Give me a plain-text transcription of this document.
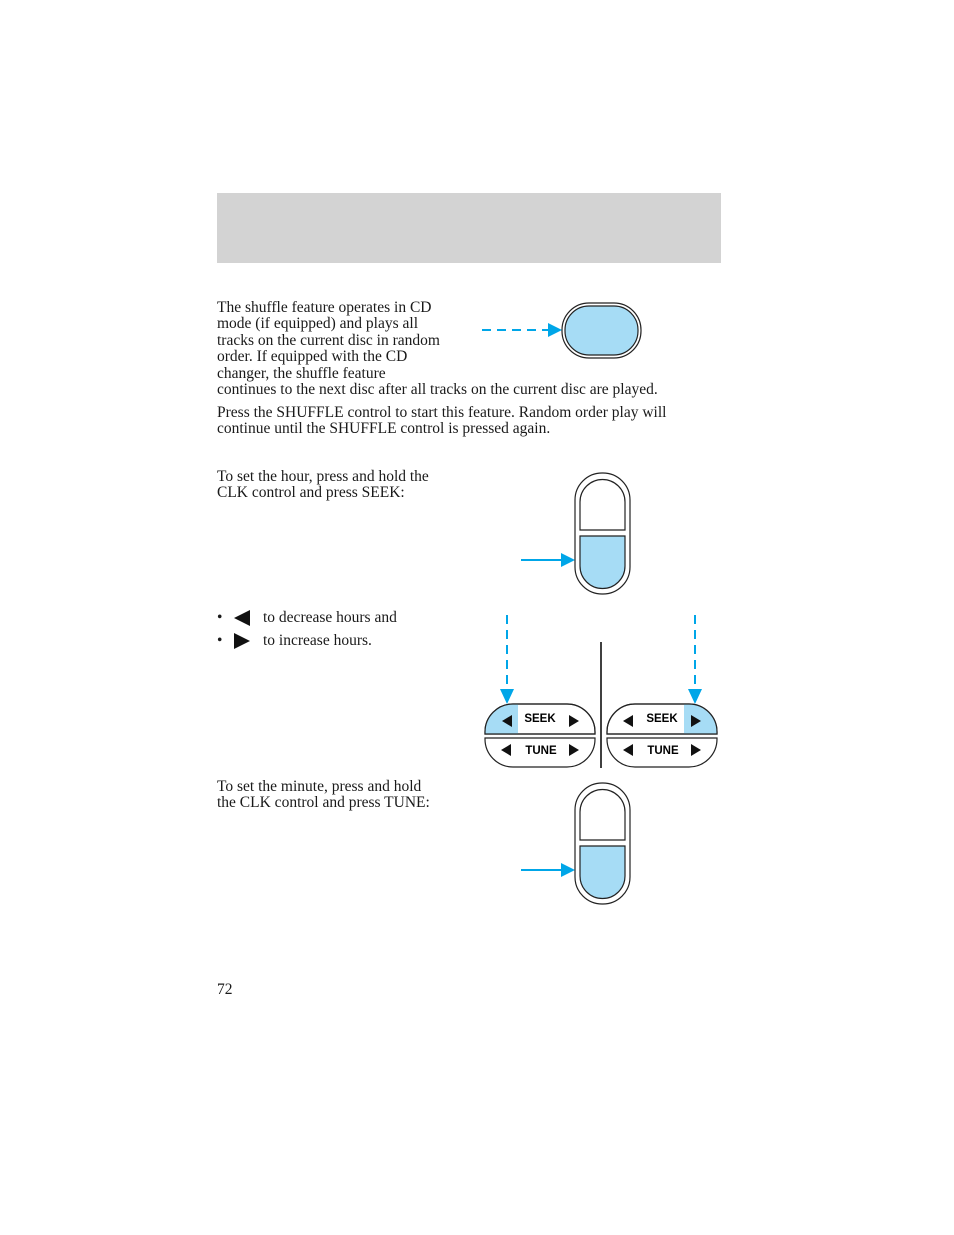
The shuffle feature operates in CD
mode (if equipped) and plays all
tracks on the current disc in random
order. If equipped with the CD
changer, the shuffle feature
continues to the next disc after all tracks on the current disc are played.

Press the SHUFFLE control to start this feature. Random order play will
continue until the SHUFFLE control is pressed again.

To set the hour, press and hold the
CLK control and press SEEK:

•	to decrease hours and
•	to increase hours.
SEEK
TUNE
SEEK
TUNE

To set the minute, press and hold
the CLK control and press TUNE:

72
